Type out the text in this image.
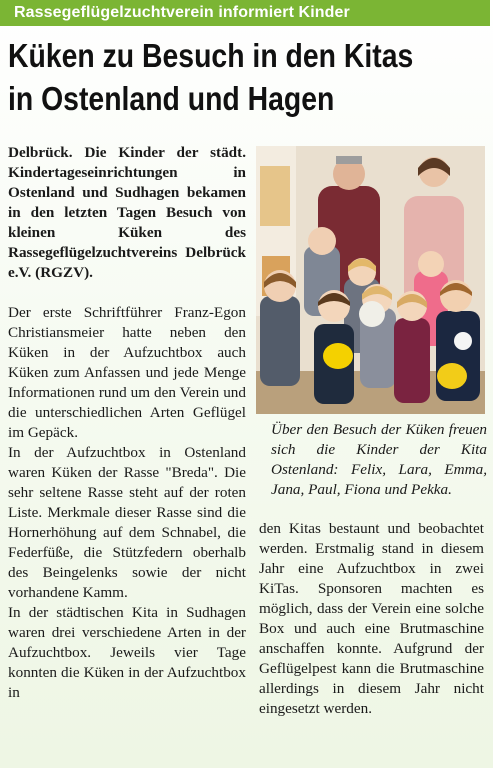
Rassegeflügelzuchtverein informiert Kinder
Küken zu Besuch in den Kitas
in Ostenland und Hagen
Delbrück. Die Kinder der städt. Kindertageseinrichtungen in Ostenland und Sudhagen bekamen in den letzten Tagen Besuch von kleinen Küken des Rassegeflügelzuchtvereins Delbrück e.V. (RGZV).
Der erste Schriftführer Franz-Egon Christiansmeier hatte neben den Küken in der Aufzuchtbox auch Küken zum Anfassen und jede Menge Informationen rund um den Verein und die unterschiedlichen Arten Geflügel im Gepäck.
In der Aufzuchtbox in Ostenland waren Küken der Rasse "Breda". Die sehr seltene Rasse steht auf der roten Liste. Merkmale dieser Rasse sind die Hornerhöhung auf dem Schnabel, die Federfüße, die Stützfedern oberhalb des Beingelenks sowie der nicht vorhandene Kamm.
In der städtischen Kita in Sudhagen waren drei verschiedene Arten in der Aufzuchtbox. Jeweils vier Tage konnten die Küken in der Aufzuchtbox in
Über den Besuch der Küken freuen sich die Kinder der Kita Ostenland: Felix, Lara, Emma, Jana, Paul, Fiona und Pekka.
den Kitas bestaunt und beobachtet werden. Erstmalig stand in diesem Jahr eine Aufzuchtbox in zwei KiTas. Sponsoren machten es möglich, dass der Verein eine solche Box und auch eine Brutmaschine anschaffen konnte. Aufgrund der Geflügelpest kann die Brutmaschine allerdings in diesem Jahr nicht eingesetzt werden.
